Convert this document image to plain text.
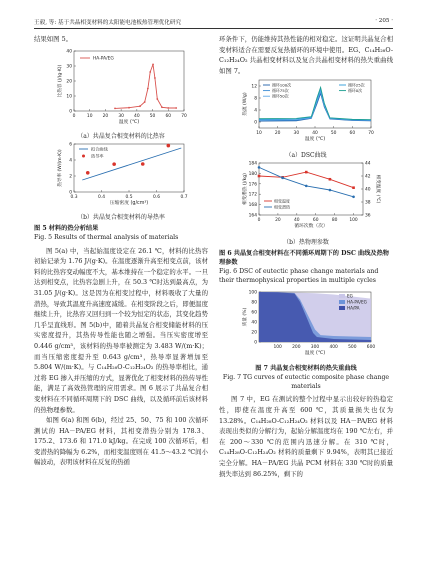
王毅, 等: 基于共晶相变材料的太阳能电池板热管理优化研究	· 205 ·

结果如图 5。

0	10 20 30 40 50 60 70
0
10
20
30
40
温度 (℃)
比热容 (J/(g·K))
HA-PA/EG

（a）共晶复合相变材料的比热容

0.3	0.4	0.5	0.6	0.7
0
2
4
6
压缩密度 (g/cm³)
热导率 (W/(m·K))
拟合曲线
热导率

（b）共晶复合相变材料的导热率

图 5 材料的热分析结果

Fig. 5 Results of thermal analysis of materials

图 5(a) 中，当起始温度设定在 26.1 ℃，材料的比热容初始记录为 1.76 J/(g·K)。在温度逐渐升高至相变点前，该材料的比热容变动幅度不大，基本维持在一个稳定的水平。一旦达到相变点，比热容急剧上升，在 50.3 ℃时达到最高点，为 31.05 J/(g·K)。这是因为在相变过程中，材料吸收了大量的潜热，导致其温度升高速度减缓。在相变阶段之后，即便温度继续上升，比热容又回归到一个较为恒定的状态，其变化趋势几乎呈直线形。图 5(b)中，随着共晶复合相变储能材料的压实密度提升，其热传导性能也随之增强。当压实密度增至 0.446 g/cm³，该材料的热导率被测定为 3.483 W/(m·K)；而当压缩密度提升至 0.643 g/cm³，热导率显著增加至 5.804 W/(m·K)。与 C₁₄H₂₈O-C₁₂H₂₄O₂ 的热导率相比，通过将 EG 掺入并压缩的方式，显著优化了相变材料的热传导性能，满足了高效热管理的应用需求。图 6 展示了共晶复合相变材料在不同循环周期下的 DSC 曲线，以及循环前后该材料的热物理参数。

如图 6(a) 和图 6(b)，经过 25、50、75 和 100 次循环测试的 HA－PA/EG 材料，其相变潜热分别为 178.3、175.2、173.6 和 171.0 kJ/kg。在完成 100 次循环后，相变潜热的降幅为 6.2%，而相变温度则在 41.5～43.2 ℃间小幅波动，表明该材料在反复的热循

环条件下，仍能维持其热性能的相对稳定。这证明共晶复合相变材料适合在需要反复热循环的环境中使用。EG、C₁₄H₂₈O-C₁₂H₂₄O₂ 共晶相变材料以及复合共晶相变材料的热失重曲线如图 7。

10	20	30	40	50	60	70
0
4
8
12
温度 (℃)
热流 (W/g)
循环100次
循环75次
循环50次
循环25次
循环0次

（a）DSC曲线

0	20	40	60	80	100
164
168
172
176
180
184
循环次数（次）
相变潜热 (J/kg)
36
38
40
42
44
相变温度 (℃)
相变温度
相变潜热

（b）热物理参数

图 6 共晶复合相变材料在不同循环周期下的 DSC 曲线及热物理参数

Fig. 6 DSC of eutectic phase change materials and their thermophysical properties in multiple cycles

100 200 300 400 500 600
0
20
40
60
80
100
温度 (℃)
质量 (%)
EG
HA-PA/EG
HA/PA

图 7 共晶复合相变材料的热失重曲线

Fig. 7 TG curves of eutectic composite phase change materials

图 7 中，EG 在测试的整个过程中显示出较好的热稳定性，即使在温度升高至 600 ℃，其质量损失也仅为 13.28%。C₁₄H₂₈O-C₁₂H₂₄O₂ 材料以及 HA－PA/EG 材料表现出类似的分解行为，起始分解温度均在 190 ℃左右，并在 200～330 ℃的范围内迅速分解。在 310 ℃时，C₁₄H₂₈O-C₁₂H₂₄O₂ 材料的质量剩下 9.94%，表明其已接近完全分解。HA－PA/EG 共晶 PCM 材料在 330 ℃时的质量损失率达到 86.25%，剩下的
